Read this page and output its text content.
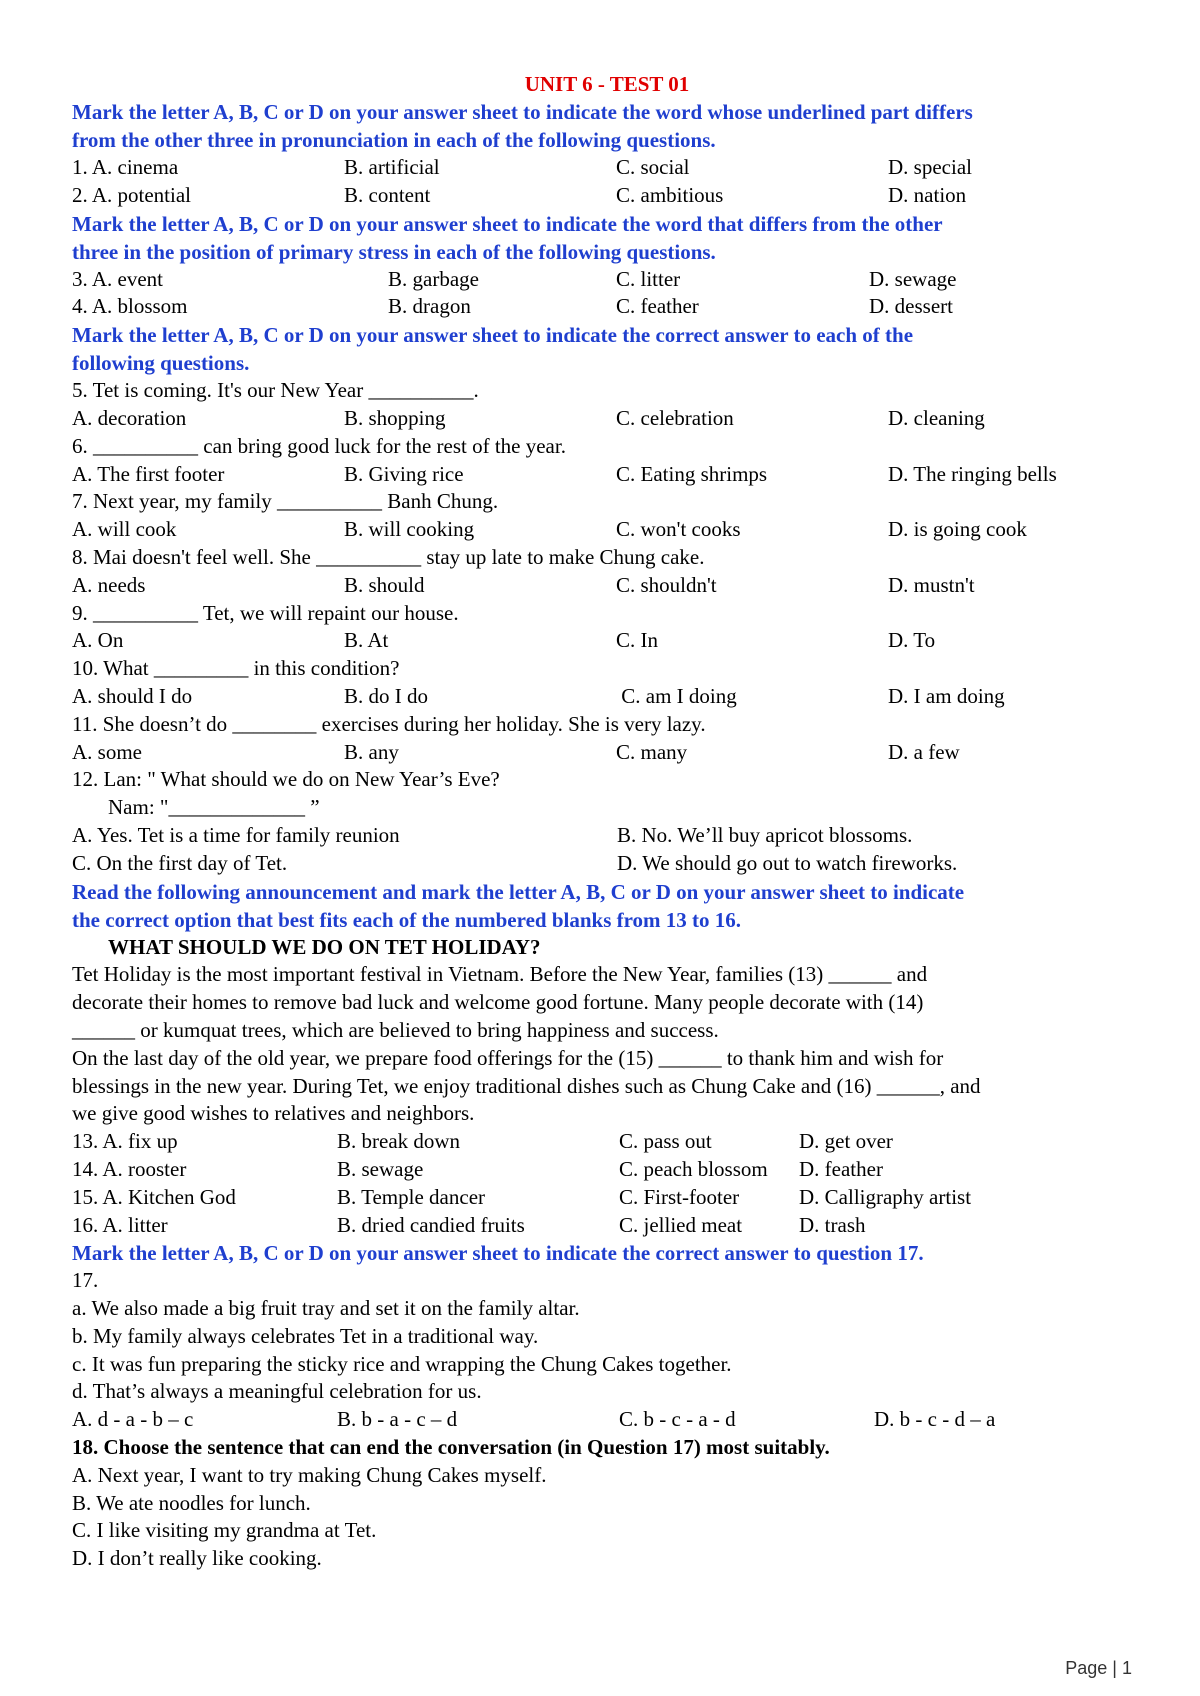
UNIT 6 - TEST 01
Mark the letter A, B, C or D on your answer sheet to indicate the word whose underlined part differs
from the other three in pronunciation in each of the following questions.
1. A. cinema	B. artificial	C. social	D. special
2. A. potential	B. content	C. ambitious	D. nation
Mark the letter A, B, C or D on your answer sheet to indicate the word that differs from the other
three in the position of primary stress in each of the following questions.
3. A. event	B. garbage	C. litter	D. sewage
4. A. blossom	B. dragon	C. feather	D. dessert
Mark the letter A, B, C or D on your answer sheet to indicate the correct answer to each of the
following questions.
5. Tet is coming. It's our New Year __________.
A. decoration	B. shopping	C. celebration	D. cleaning
6. __________ can bring good luck for the rest of the year.
A. The first footer	B. Giving rice	C. Eating shrimps	D. The ringing bells
7. Next year, my family __________ Banh Chung.
A. will cook	B. will cooking	C. won't cooks	D. is going cook
8. Mai doesn't feel well. She __________ stay up late to make Chung cake.
A. needs	B. should	C. shouldn't	D. mustn't
9. __________ Tet, we will repaint our house.
A. On	B. At	C. In	D. To
10. What _________ in this condition?
A. should I do	B. do I do	C. am I doing	D. I am doing
11. She doesn’t do ________ exercises during her holiday. She is very lazy.
A. some	B. any	C. many	D. a few
12. Lan: " What should we do on New Year’s Eve?
Nam: "_____________ ”
A. Yes. Tet is a time for family reunion	B. No. We’ll buy apricot blossoms.
C. On the first day of Tet.	D. We should go out to watch fireworks.
Read the following announcement and mark the letter A, B, C or D on your answer sheet to indicate
the correct option that best fits each of the numbered blanks from 13 to 16.
WHAT SHOULD WE DO ON TET HOLIDAY?
Tet Holiday is the most important festival in Vietnam. Before the New Year, families (13) ______ and
decorate their homes to remove bad luck and welcome good fortune. Many people decorate with (14)
______ or kumquat trees, which are believed to bring happiness and success.
On the last day of the old year, we prepare food offerings for the (15) ______ to thank him and wish for
blessings in the new year. During Tet, we enjoy traditional dishes such as Chung Cake and (16) ______, and
we give good wishes to relatives and neighbors.
13. A. fix up	B. break down	C. pass out	D. get over
14. A. rooster	B. sewage	C. peach blossom	D. feather
15. A. Kitchen God	B. Temple dancer	C. First-footer	D. Calligraphy artist
16. A. litter	B. dried candied fruits	C. jellied meat	D. trash
Mark the letter A, B, C or D on your answer sheet to indicate the correct answer to question 17.
17.
a. We also made a big fruit tray and set it on the family altar.
b. My family always celebrates Tet in a traditional way.
c. It was fun preparing the sticky rice and wrapping the Chung Cakes together.
d. That’s always a meaningful celebration for us.
A. d - a - b – c	B. b - a - c – d	C. b - c - a - d	D. b - c - d – a
18. Choose the sentence that can end the conversation (in Question 17) most suitably.
A. Next year, I want to try making Chung Cakes myself.
B. We ate noodles for lunch.
C. I like visiting my grandma at Tet.
D. I don’t really like cooking.
Page | 1
